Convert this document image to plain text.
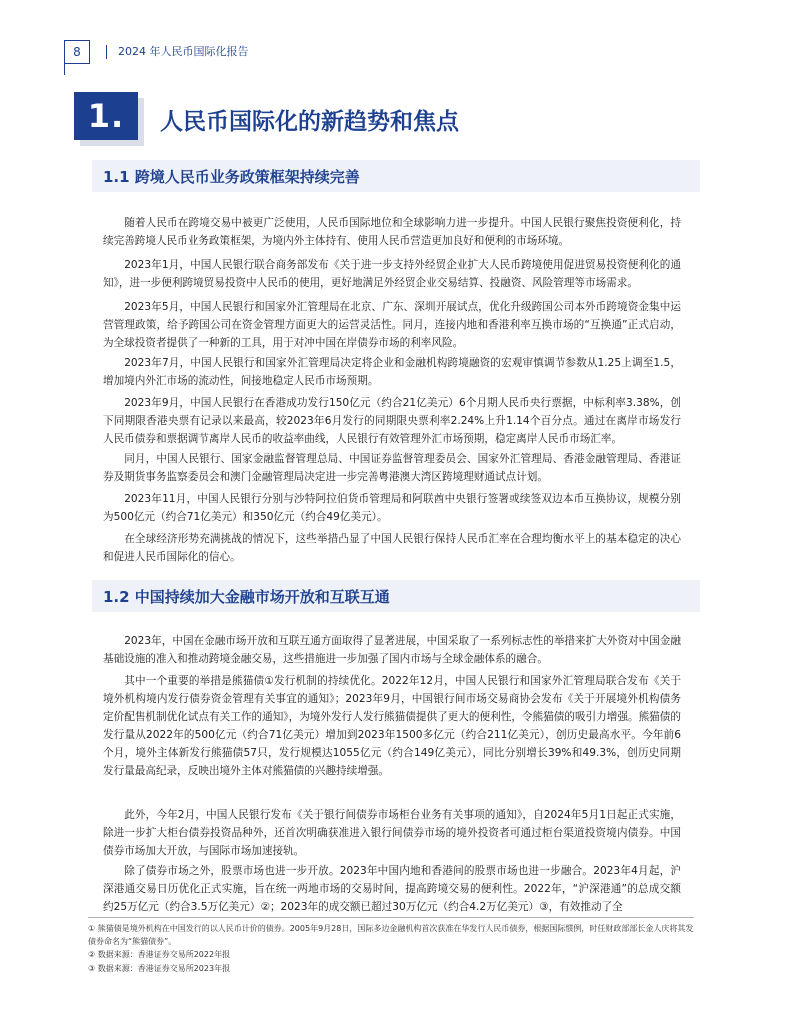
8	2024 年人民币国际化报告
1.	人民币国际化的新趋势和焦点
1.1 跨境人民币业务政策框架持续完善

随着人民币在跨境交易中被更广泛使用，人民币国际地位和全球影响力进一步提升。中国人民银行聚焦投资便利化，持续完善跨境人民币业务政策框架，为境内外主体持有、使用人民币营造更加良好和便利的市场环境。

2023年1月，中国人民银行联合商务部发布《关于进一步支持外经贸企业扩大人民币跨境使用促进贸易投资便利化的通知》，进一步便利跨境贸易投资中人民币的使用，更好地满足外经贸企业交易结算、投融资、风险管理等市场需求。

2023年5月，中国人民银行和国家外汇管理局在北京、广东、深圳开展试点，优化升级跨国公司本外币跨境资金集中运营管理政策，给予跨国公司在资金管理方面更大的运营灵活性。同月，连接内地和香港利率互换市场的“互换通”正式启动，为全球投资者提供了一种新的工具，用于对冲中国在岸债券市场的利率风险。

2023年7月，中国人民银行和国家外汇管理局决定将企业和金融机构跨境融资的宏观审慎调节参数从1.25上调至1.5，增加境内外汇市场的流动性，间接地稳定人民币市场预期。

2023年9月，中国人民银行在香港成功发行150亿元（约合21亿美元）6个月期人民币央行票据，中标利率3.38%，创下同期限香港央票有记录以来最高，较2023年6月发行的同期限央票利率2.24%上升1.14个百分点。通过在离岸市场发行人民币债券和票据调节离岸人民币的收益率曲线，人民银行有效管理外汇市场预期，稳定离岸人民币市场汇率。

同月，中国人民银行、国家金融监督管理总局、中国证券监督管理委员会、国家外汇管理局、香港金融管理局、香港证券及期货事务监察委员会和澳门金融管理局决定进一步完善粤港澳大湾区跨境理财通试点计划。

2023年11月，中国人民银行分别与沙特阿拉伯货币管理局和阿联酋中央银行签署或续签双边本币互换协议，规模分别为500亿元（约合71亿美元）和350亿元（约合49亿美元）。

在全球经济形势充满挑战的情况下，这些举措凸显了中国人民银行保持人民币汇率在合理均衡水平上的基本稳定的决心和促进人民币国际化的信心。

1.2 中国持续加大金融市场开放和互联互通

2023年，中国在金融市场开放和互联互通方面取得了显著进展，中国采取了一系列标志性的举措来扩大外资对中国金融基础设施的准入和推动跨境金融交易，这些措施进一步加强了国内市场与全球金融体系的融合。

其中一个重要的举措是熊猫债①发行机制的持续优化。2022年12月，中国人民银行和国家外汇管理局联合发布《关于境外机构境内发行债券资金管理有关事宜的通知》；2023年9月，中国银行间市场交易商协会发布《关于开展境外机构债务定价配售机制优化试点有关工作的通知》，为境外发行人发行熊猫债提供了更大的便利性，令熊猫债的吸引力增强。熊猫债的发行量从2022年的500亿元（约合71亿美元）增加到2023年1500多亿元（约合211亿美元），创历史最高水平。今年前6个月，境外主体新发行熊猫债57只，发行规模达1055亿元（约合149亿美元），同比分别增长39%和49.3%，创历史同期发行量最高纪录，反映出境外主体对熊猫债的兴趣持续增强。

此外，今年2月，中国人民银行发布《关于银行间债券市场柜台业务有关事项的通知》，自2024年5月1日起正式实施，除进一步扩大柜台债券投资品种外，还首次明确获准进入银行间债券市场的境外投资者可通过柜台渠道投资境内债券。中国债券市场加大开放，与国际市场加速接轨。

除了债券市场之外，股票市场也进一步开放。2023年中国内地和香港间的股票市场也进一步融合。2023年4月起，沪深港通交易日历优化正式实施，旨在统一两地市场的交易时间，提高跨境交易的便利性。2022年，“沪深港通”的总成交额约25万亿元（约合3.5万亿美元）②；2023年的成交额已超过30万亿元（约合4.2万亿美元）③，有效推动了全

① 熊猫债是境外机构在中国发行的以人民币计价的债券。2005年9月28日，国际多边金融机构首次获准在华发行人民币债券，根据国际惯例，时任财政部部长金人庆将其发债券命名为“熊猫债券”。

② 数据来源：香港证券交易所2022年报

③ 数据来源：香港证券交易所2023年报
